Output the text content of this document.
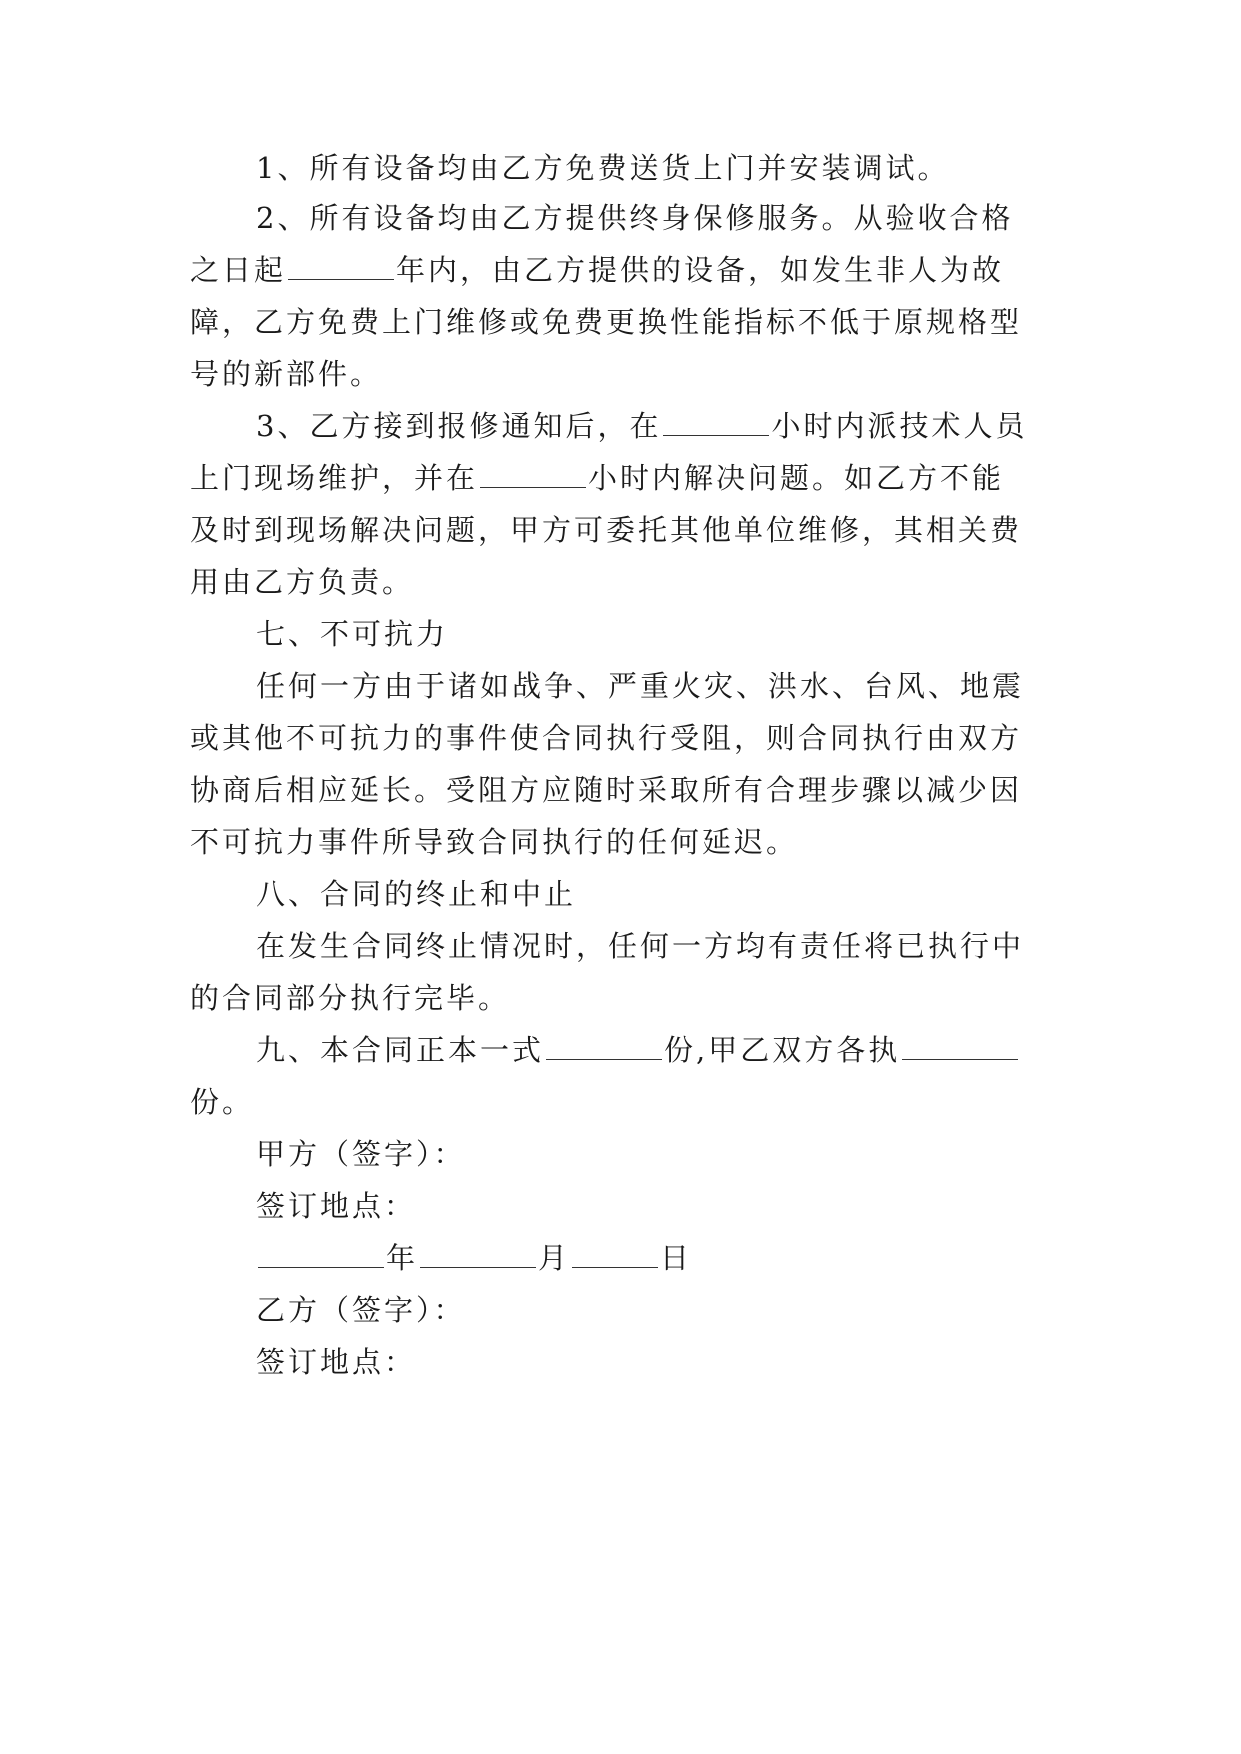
1、所有设备均由乙方免费送货上门并安装调试。
2、所有设备均由乙方提供终身保修服务。从验收合格
之日起	年内，由乙方提供的设备，如发生非人为故
障，乙方免费上门维修或免费更换性能指标不低于原规格型
号的新部件。
3、乙方接到报修通知后，在	小时内派技术人员
上门现场维护，并在	小时内解决问题。如乙方不能
及时到现场解决问题，甲方可委托其他单位维修，其相关费
用由乙方负责。
七、不可抗力
任何一方由于诸如战争、严重火灾、洪水、台风、地震
或其他不可抗力的事件使合同执行受阻，则合同执行由双方
协商后相应延长。受阻方应随时采取所有合理步骤以减少因
不可抗力事件所导致合同执行的任何延迟。
八、合同的终止和中止
在发生合同终止情况时，任何一方均有责任将已执行中
的合同部分执行完毕。
九、本合同正本一式	份,甲乙双方各执
份。
甲方（签字）：
签订地点：
年	月	日
乙方（签字）：
签订地点：
